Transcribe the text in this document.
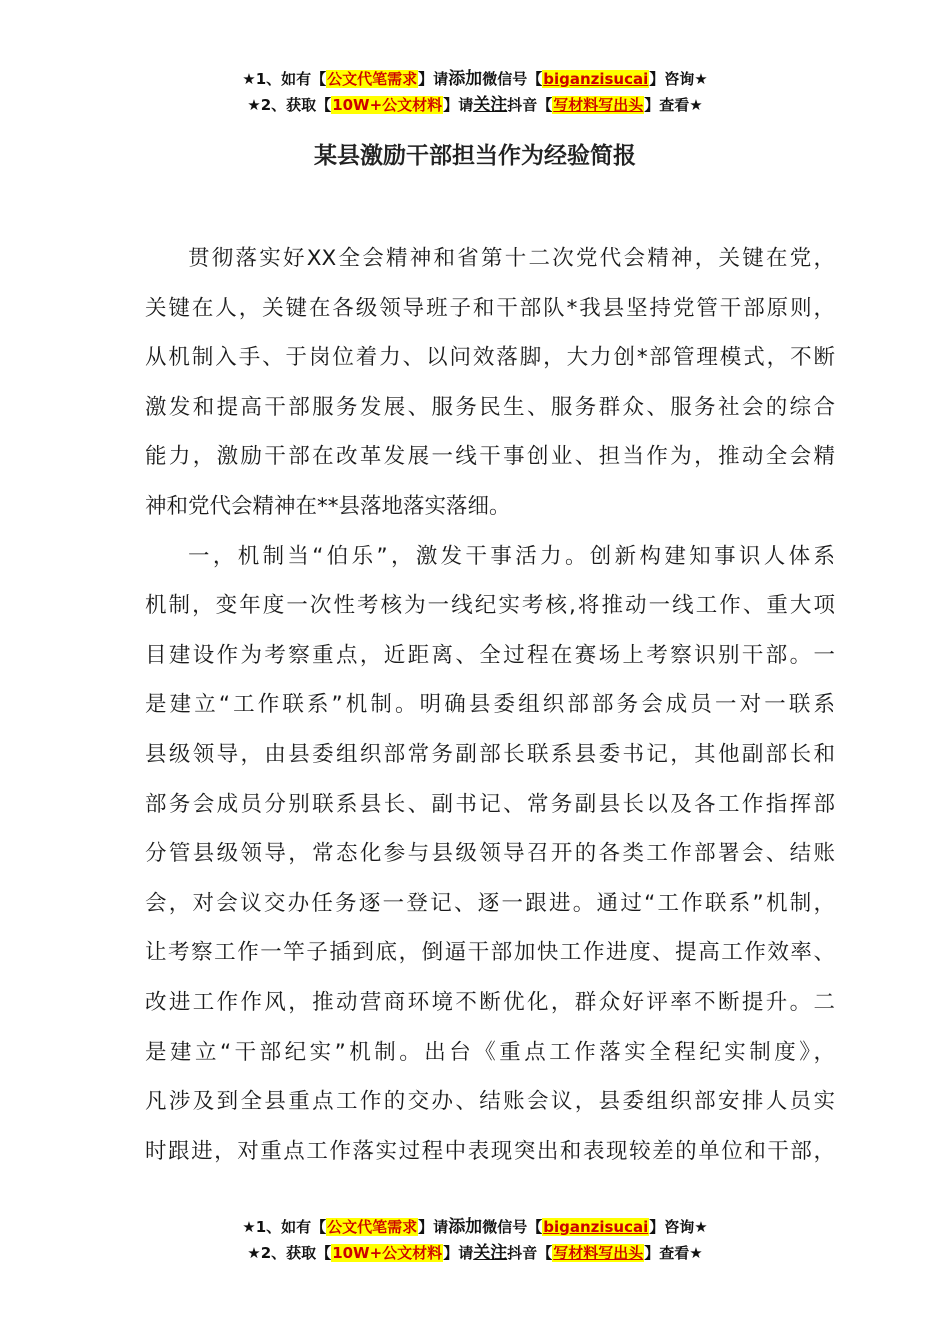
★1、如有【公文代笔需求】请添加微信号【biganzisucai】咨询★
★2、获取【10W+公文材料】请关注抖音【写材料写出头】查看★
某县激励干部担当作为经验简报
贯彻落实好XX全会精神和省第十二次党代会精神，关键在党，
关键在人，关键在各级领导班子和干部队*我县坚持党管干部原则，
从机制入手、于岗位着力、以问效落脚，大力创*部管理模式，不断
激发和提高干部服务发展、服务民生、服务群众、服务社会的综合
能力，激励干部在改革发展一线干事创业、担当作为，推动全会精
神和党代会精神在**县落地落实落细。
一，机制当“伯乐”，激发干事活力。创新构建知事识人体系
机制，变年度一次性考核为一线纪实考核,将推动一线工作、重大项
目建设作为考察重点，近距离、全过程在赛场上考察识别干部。一
是建立“工作联系”机制。明确县委组织部部务会成员一对一联系
县级领导，由县委组织部常务副部长联系县委书记，其他副部长和
部务会成员分别联系县长、副书记、常务副县长以及各工作指挥部
分管县级领导，常态化参与县级领导召开的各类工作部署会、结账
会，对会议交办任务逐一登记、逐一跟进。通过“工作联系”机制，
让考察工作一竿子插到底，倒逼干部加快工作进度、提高工作效率、
改进工作作风，推动营商环境不断优化，群众好评率不断提升。二
是建立“干部纪实”机制。出台《重点工作落实全程纪实制度》，
凡涉及到全县重点工作的交办、结账会议，县委组织部安排人员实
时跟进，对重点工作落实过程中表现突出和表现较差的单位和干部，
★1、如有【公文代笔需求】请添加微信号【biganzisucai】咨询★
★2、获取【10W+公文材料】请关注抖音【写材料写出头】查看★
